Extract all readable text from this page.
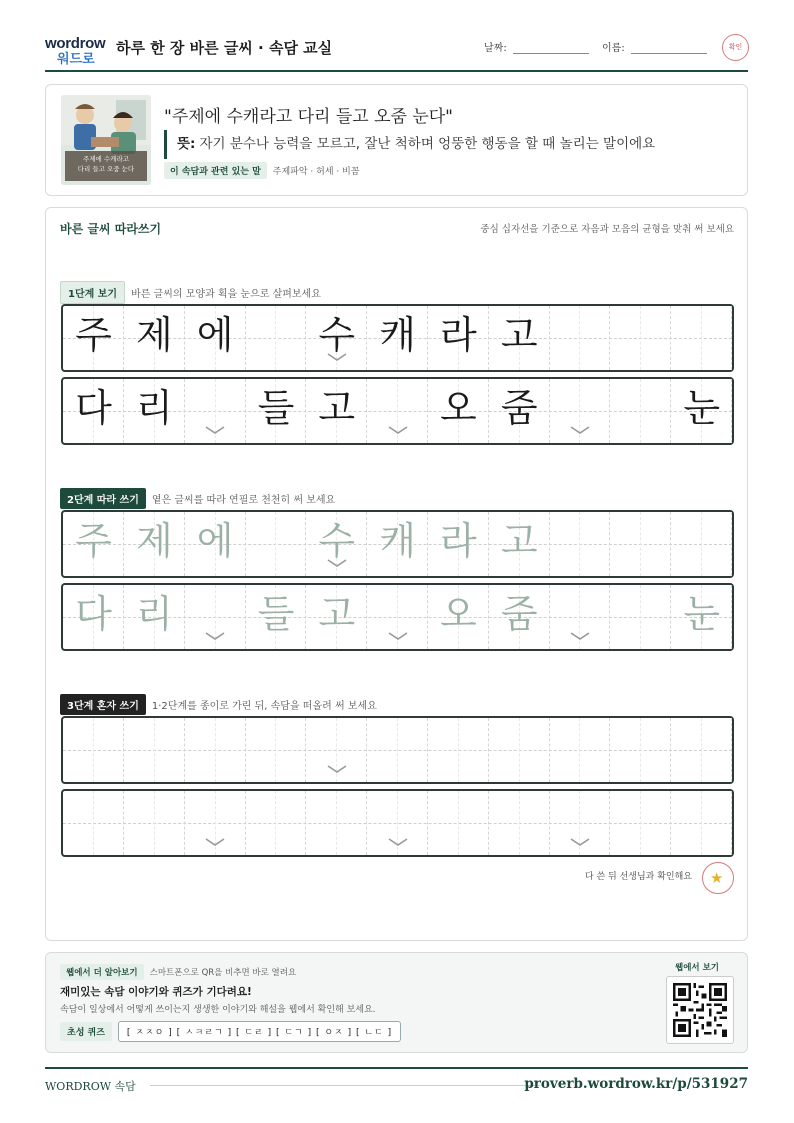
wordrow
워드로
하루 한 장 바른 글씨 · 속담 교실	날짜:	이름:	확인
주제에 수캐라고
다리 들고 오줌 눈다
"주제에 수캐라고 다리 들고 오줌 눈다"
뜻: 자기 분수나 능력을 모르고, 잘난 척하며 엉뚱한 행동을 할 때 놀리는 말이에요
이 속담과 관련 있는 말 주제파악 · 허세 · 비꼼
바른 글씨 따라쓰기	중심 십자선을 기준으로 자음과 모음의 균형을 맞춰 써 보세요
1단계 보기 바른 글씨의 모양과 획을 눈으로 살펴보세요
주 제 에	수 캐 라 고
다 리	들 고	오 줌	눈
2단계 따라 쓰기 옅은 글씨를 따라 연필로 천천히 써 보세요
주 제 에	수 캐 라 고
다 리	들 고	오 줌	눈
3단계 혼자 쓰기 1·2단계를 종이로 가린 뒤, 속담을 떠올려 써 보세요
다 쓴 뒤 선생님과 확인해요 ★
웹에서 더 알아보기 스마트폰으로 QR을 비추면 바로 열려요
재미있는 속담 이야기와 퀴즈가 기다려요!
속담이 일상에서 어떻게 쓰이는지 생생한 이야기와 해설을 웹에서 확인해 보세요.
초성 퀴즈 [ ㅈㅈㅇ ] [ ㅅㅋㄹㄱ ] [ ㄷㄹ ] [ ㄷㄱ ] [ ㅇㅈ ] [ ㄴㄷ ]
웹에서 보기
WORDROW 속담	proverb.wordrow.kr/p/531927
